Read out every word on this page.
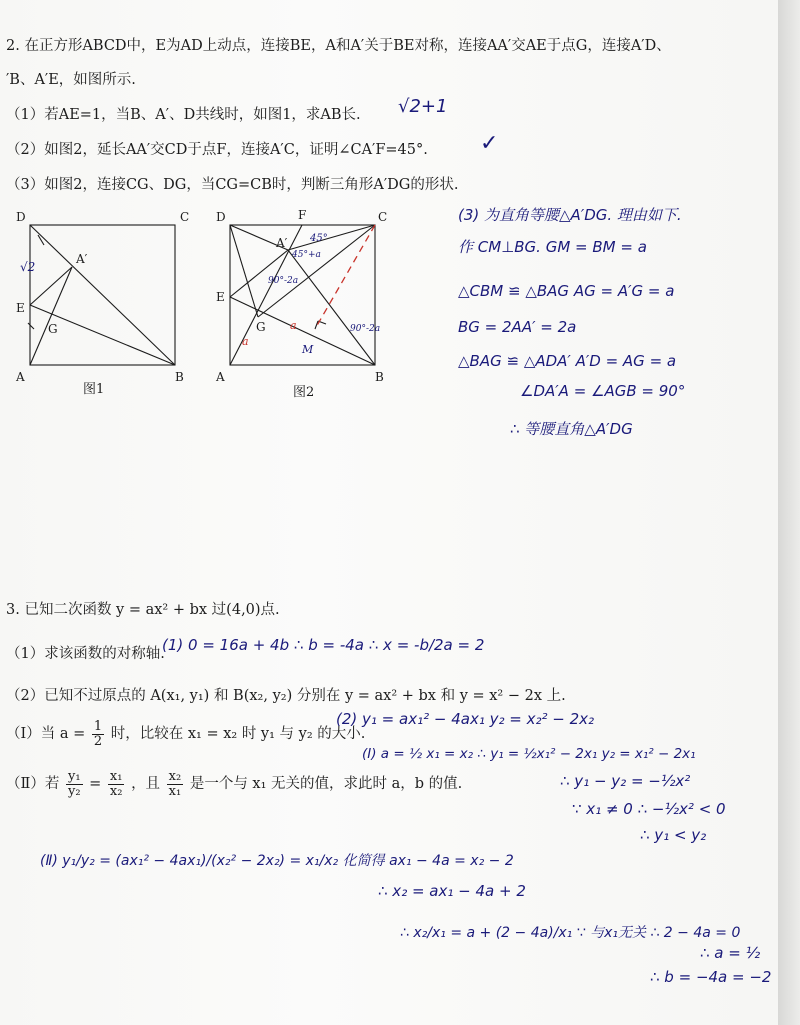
2. 在正方形ABCD中，E为AD上动点，连接BE，A和A′关于BE对称，连接AA′交AE于点G，连接A′D、
′B、A′E，如图所示.
（1）若AE=1，当B、A′、D共线时，如图1，求AB长. √2+1
（2）如图2，延长AA′交CD于点F，连接A′C，证明∠CA′F=45°. ✓
（3）如图2，连接CG、DG，当CG=CB时，判断三角形A′DG的形状.
D	C
A	B
E
G
A′
√2
图1
D	F	C
A	B
E
G
A′ 45°
45°+a
90°-2a
90°-2a
M
a
a
图2
(3) 为直角等腰△A′DG. 理由如下.
作 CM⊥BG. GM = BM = a
△CBM ≌ △BAG AG = A′G = a
BG = 2AA′ = 2a
△BAG ≌ △ADA′ A′D = AG = a
∠DA′A = ∠AGB = 90°
∴ 等腰直角△A′DG
3. 已知二次函数 y = ax² + bx 过(4,0)点.
（1）求该函数的对称轴.
(1) 0 = 16a + 4b ∴ b = -4a ∴ x = -b/2a = 2
（2）已知不过原点的 A(x₁, y₁) 和 B(x₂, y₂) 分别在 y = ax² + bx 和 y = x² − 2x 上.
（Ⅰ）当 $a = \frac{1}{2}$ 时，比较在 x₁ = x₂ 时 y₁ 与 y₂ 的大小.
（Ⅱ）若 $\frac{\text{y₁}}{\text{y₂}} = \frac{\text{x₁}}{\text{x₂}}$ ，且 $\frac{\text{x₂}}{\text{x₁}}$ 是一个与 x₁ 无关的值，求此时 a，b 的值.
(2) y₁ = ax₁² − 4ax₁ y₂ = x₂² − 2x₂
(Ⅰ) a = ½ x₁ = x₂ ∴ y₁ = ½x₁² − 2x₁ y₂ = x₁² − 2x₁
∴ y₁ − y₂ = −½x²
∵ x₁ ≠ 0 ∴ −½x² < 0
∴ y₁ < y₂
(Ⅱ) y₁/y₂ = (ax₁² − 4ax₁)/(x₂² − 2x₂) = x₁/x₂ 化简得 ax₁ − 4a = x₂ − 2
∴ x₂ = ax₁ − 4a + 2
∴ x₂/x₁ = a + (2 − 4a)/x₁ ∵ 与x₁无关 ∴ 2 − 4a = 0
∴ a = ½
∴ b = −4a = −2
